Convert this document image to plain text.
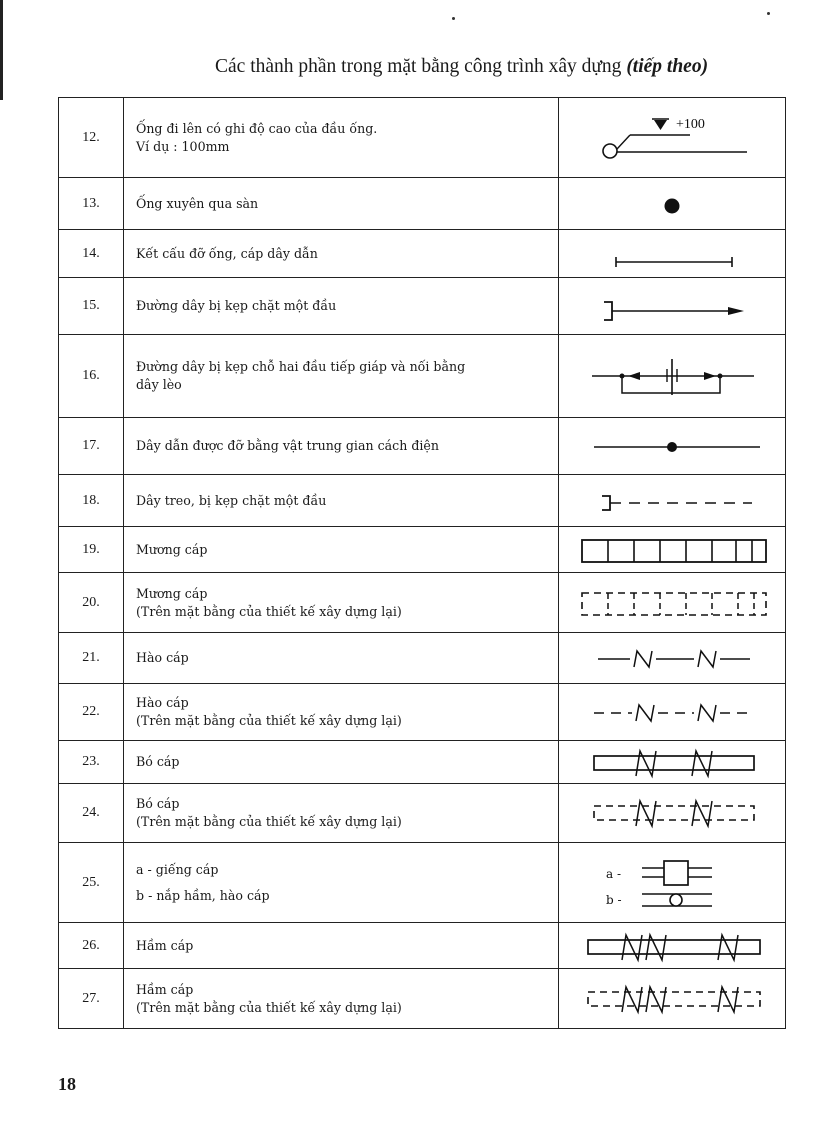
Các thành phần trong mặt bằng công trình xây dựng (tiếp theo)
12.	Ống đi lên có ghi độ cao của đầu ống.
Ví dụ : 100mm	+100

13.	Ống xuyên qua sàn	

14.	Kết cấu đỡ ống, cáp dây dẫn	

15.	Đường dây bị kẹp chặt một đầu	

16.	Đường dây bị kẹp chỗ hai đầu tiếp giáp và nối bằng
dây lèo

17.	Dây dẫn được đỡ bằng vật trung gian cách điện	

18.	Dây treo, bị kẹp chặt một đầu	

19.	Mương cáp	

20.	Mương cáp
(Trên mặt bằng của thiết kế xây dựng lại)

21.	Hào cáp	

22.	Hào cáp
(Trên mặt bằng của thiết kế xây dựng lại)

23.	Bó cáp	

24.	Bó cáp
(Trên mặt bằng của thiết kế xây dựng lại)

25.	a - giếng cáp
b - nắp hầm, hào cáp	a -
b -

26.	Hầm cáp	

27.	Hầm cáp
(Trên mặt bằng của thiết kế xây dựng lại)

18
